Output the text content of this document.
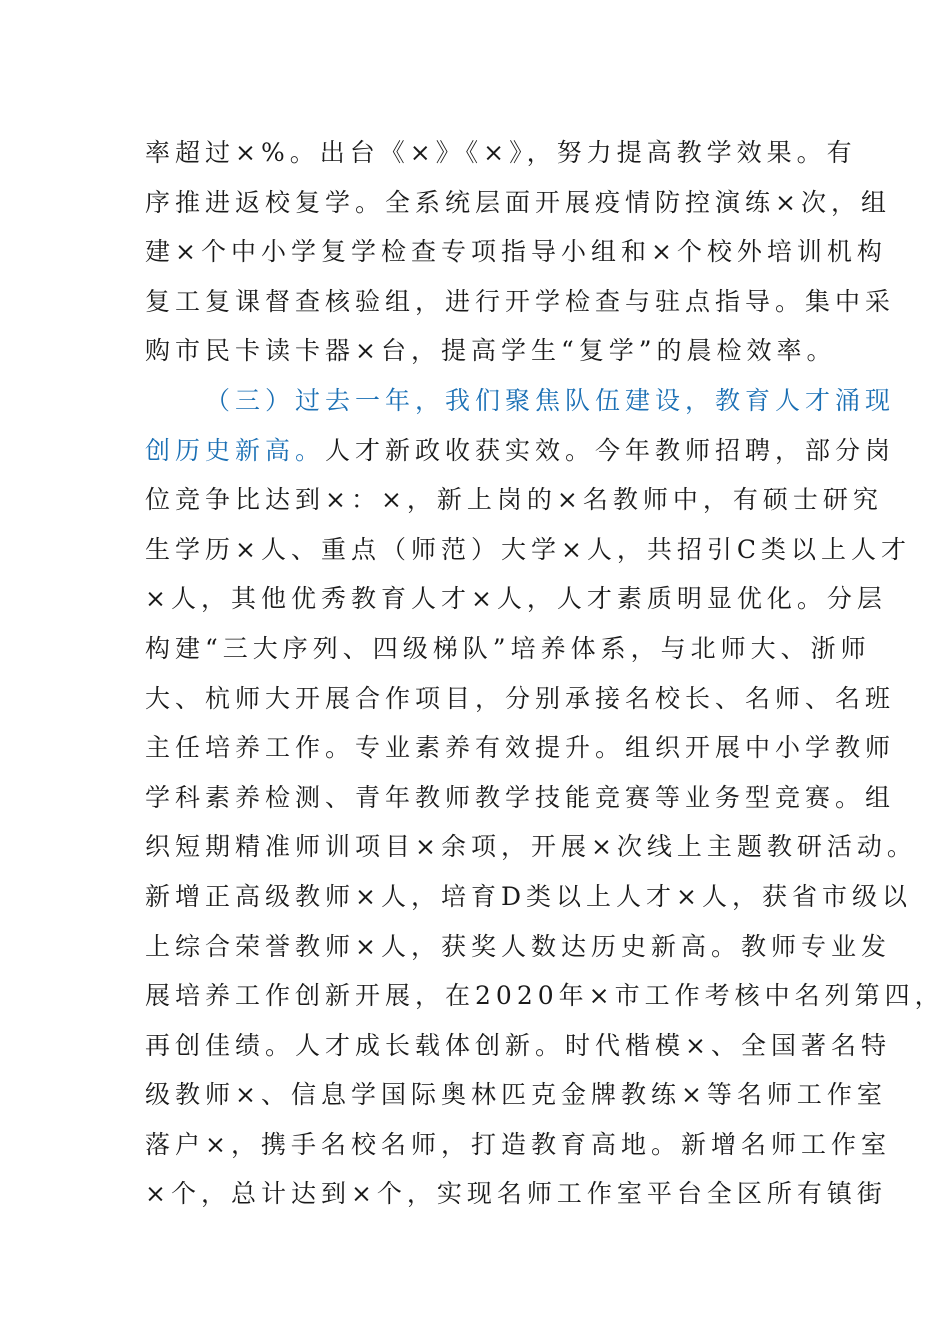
率超过×%。出台《×》《×》，努力提高教学效果。有
序推进返校复学。全系统层面开展疫情防控演练×次，组
建×个中小学复学检查专项指导小组和×个校外培训机构
复工复课督查核验组，进行开学检查与驻点指导。集中采
购市民卡读卡器×台，提高学生“复学”的晨检效率。
（三）过去一年，我们聚焦队伍建设，教育人才涌现
创历史新高。人才新政收获实效。今年教师招聘，部分岗
位竞争比达到×：×，新上岗的×名教师中，有硕士研究
生学历×人、重点（师范）大学×人，共招引C类以上人才
×人，其他优秀教育人才×人，人才素质明显优化。分层
构建“三大序列、四级梯队”培养体系，与北师大、浙师
大、杭师大开展合作项目，分别承接名校长、名师、名班
主任培养工作。专业素养有效提升。组织开展中小学教师
学科素养检测、青年教师教学技能竞赛等业务型竞赛。组
织短期精准师训项目×余项，开展×次线上主题教研活动。
新增正高级教师×人，培育D类以上人才×人，获省市级以
上综合荣誉教师×人，获奖人数达历史新高。教师专业发
展培养工作创新开展，在2020年×市工作考核中名列第四，
再创佳绩。人才成长载体创新。时代楷模×、全国著名特
级教师×、信息学国际奥林匹克金牌教练×等名师工作室
落户×，携手名校名师，打造教育高地。新增名师工作室
×个，总计达到×个，实现名师工作室平台全区所有镇街
